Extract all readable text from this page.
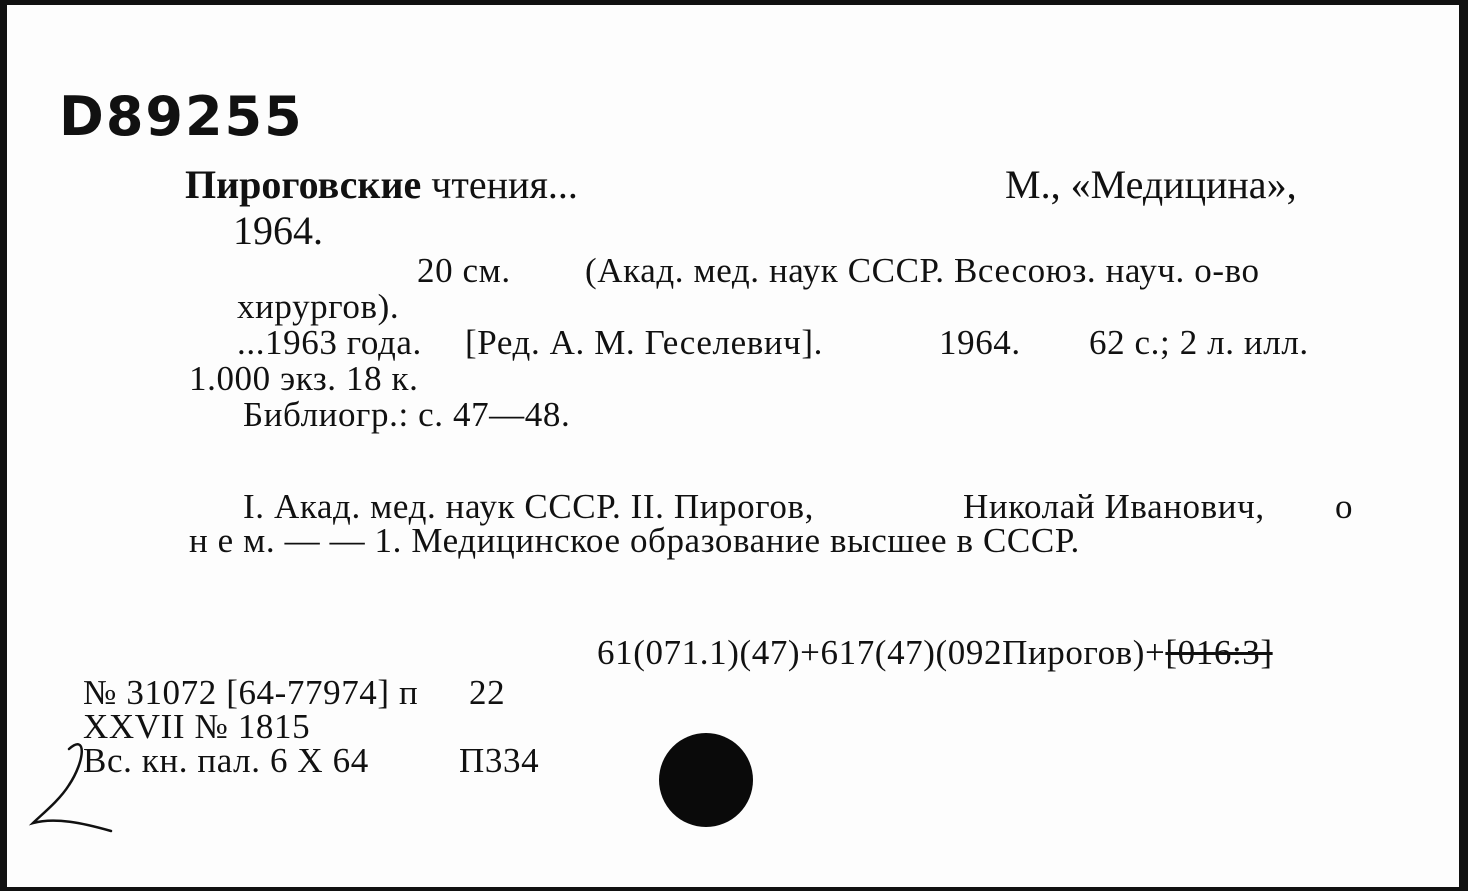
D89255
Пироговские чтения...	М., «Медицина»,
1964.
20 см. (Акад. мед. наук СССР. Всесоюз. науч. о-во
хирургов).
...1963 года. [Ред. А. М. Геселевич].	1964. 62 с.; 2 л. илл.
1.000 экз. 18 к.
Библиогр.: с. 47—48.
I. Акад. мед. наук СССР. II. Пирогов,	Николай Иванович, о
н е м. — — 1. Медицинское образование высшее в СССР.
61(071.1)(47)+617(47)(092Пирогов)+[016:3]
№ 31072 [64-77974] п 22
XXVII № 1815
Вс. кн. пал. 6 X 64	П334
